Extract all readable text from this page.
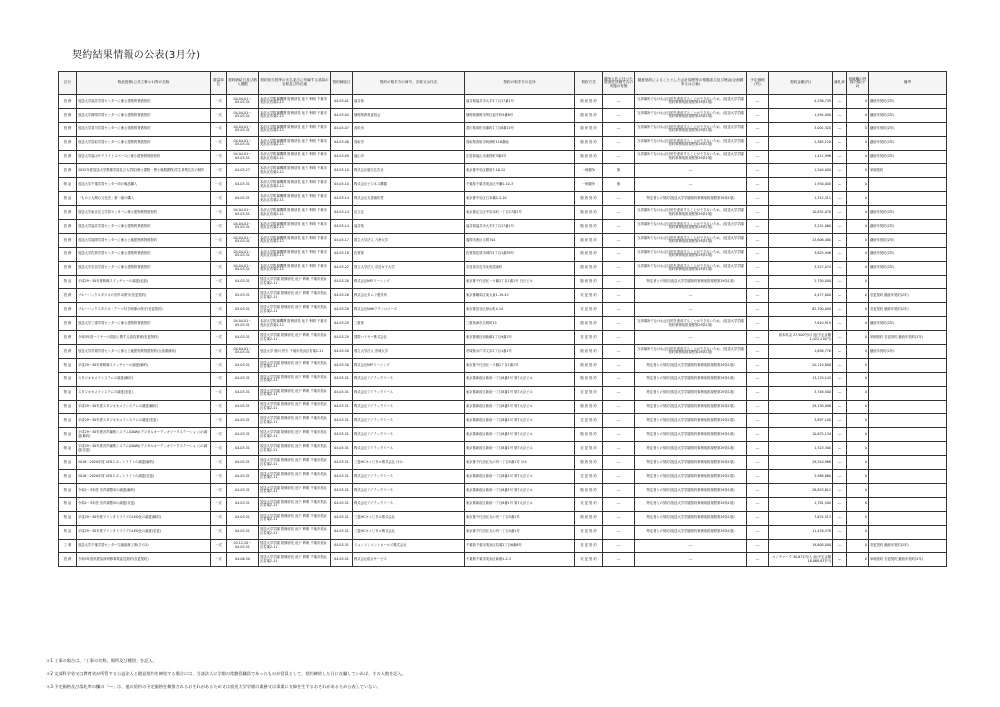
契約結果情報の公表(3月分)
区分	物品役務(公共工事＊1)等の名称	数量単位	契約締結日及び納入期限	契約担当役等の氏名並びに所属する部局の名称及び所在地	契約締結日	契約の相手方の商号、名称又は氏名	契約の相手方の住所	契約方式	競争入札に比べた経済性評価方式の実施の有無	随意契約によることとした会計規程等の根拠条文及び理由(企画競争又は公募)	予定価格(円)	契約金額(円)	落札率	再就職の役員の数(＊2)	備考
役 務	放送大学福井学習センターに係る建物賃貸借契約	一式	04.04.01〜05.03.31	本部大学附属機関 財務部長 池下 利明 千葉市美浜区若葉2-11	04.03.01	福井県	福井県福井市大手3丁目17番1号	随 意 契 約	―	当該場所でなければ目的を達成することができないため。(放送大学学園契約事務取扱規程第29条1項)	―	4,336,739	―	0	継続年契約(2年)
役 務	放送大学静岡学習センターに係る建物賃貸借契約	一式	04.04.01〜05.03.31	本部大学附属機関 財務部長 池下 利明 千葉市美浜区若葉2-11	04.03.04	静岡県教育委員会	静岡県静岡市葵区追手町9番6号	随 意 契 約	―	当該場所でなければ目的を達成することができないため。(放送大学学園契約事務取扱規程第29条1項)	―	1,594,000	―	0	継続年契約(2年)
役 務	放送大学香川学習センターに係る建物賃貸借契約	一式	04.04.01〜05.03.31	本部大学附属機関 財務部長 池下 利明 千葉市美浜区若葉2-11	04.03.07	高松市	香川県高松市番町1丁目8番15号	随 意 契 約	―	当該場所でなければ目的を達成することができないため。(放送大学学園契約事務取扱規程第29条1項)	―	3,001,320	―	0	継続年契約(2年)
役 務	放送大学鳥取学習センターに係る建物賃貸借契約	一式	04.04.01〜05.03.31	本部大学附属機関 財務部長 池下 利明 千葉市美浜区若葉2-11	04.03.08	鳥取市	鳥取県鳥取市尚徳町116番地	随 意 契 約	―	当該場所でなければ目的を達成することができないため。(放送大学学園契約事務取扱規程第29条1項)	―	2,365,120	―	0	継続年契約(2年)
役 務	放送大学福山サテライトスペースに係る建物賃貸借契約	一式	04.04.01〜05.03.31	本部大学附属機関 財務部長 池下 利明 千葉市美浜区若葉2-11	04.03.09	福山市	広島県福山市東桜町3番5号	随 意 契 約	―	当該場所でなければ目的を達成することができないため。(放送大学学園契約事務取扱規程第29条1項)	―	1,411,996	―	0	継続年契約(2年)
役 務	2022年度放送大学教養学部及び大学院(修士課程・博士後期課程)学生募集広告の制作	一式	04.03.27	本部大学附属機関 財務部長 池下 利明 千葉市美浜区若葉2-11	04.03.10	株式会社朝日広告社	東京都中央区銀座7-16-12	一般競争	無	―	―	1,540,000	―	0	単価契約
物 品	放送大学千葉学習センター用の備品購入	一式	04.03.31	本部大学附属機関 財務部長 池下 利明 千葉市美浜区若葉2-11	04.03.10	株式会社ビジネス機器	千葉県千葉市美浜区中瀬1-10-3	一般競争	無	―	―	1,930,000	―	0	
物 品	「ものと人間の文化史」第一級の購入	一式	04.03.31	本部大学附属機関 財務部長 池下 利明 千葉市美浜区若葉2-11	04.03.14	株式会社丸善雄松堂	東京都中央区日本橋2-3-10	随 意 契 約	―	特定者との契約(放送大学学園契約事務取扱規程第29条1項)	―	1,312,311	―	0	
役 務	放送大学東京足立学習センターに係る建物賃貸借契約	一式	04.04.01〜05.03.31	本部大学附属機関 財務部長 池下 利明 千葉市美浜区若葉2-11	04.03.14	足立区	東京都足立区中央本町一丁目17番1号	随 意 契 約	―	当該場所でなければ目的を達成することができないため。(放送大学学園契約事務取扱規程第29条1項)	―	10,832,078	―	0	継続年契約(2年)
役 務	放送大学福井学習センターに係る建物賃貸借契約	一式	04.04.01〜05.03.31	本部大学附属機関 財務部長 池下 利明 千葉市美浜区若葉2-11	04.03.14	福井県	福井県福井市大手3丁目17番1号	随 意 契 約	―	当該場所でなければ目的を達成することができないため。(放送大学学園契約事務取扱規程第29条1項)	―	3,251,060	―	0	継続年契約(2年)
役 務	放送大学福岡学習センターに係る土地建物賃貸借契約	一式	04.04.01〜05.03.31	本部大学附属機関 財務部長 池下 利明 千葉市美浜区若葉2-11	04.03.17	国立大学法人 九州大学	福岡市西区元岡744	随 意 契 約	―	当該場所でなければ目的を達成することができないため。(放送大学学園契約事務取扱規程第29条1項)	―	13,806,480	―	0	継続年契約(2年)
役 務	放送大学佐賀学習センターに係る建物賃貸借契約	一式	04.04.01〜05.03.31	本部大学附属機関 財務部長 池下 利明 千葉市美浜区若葉2-11	04.03.18	佐賀県	佐賀県佐賀市城内1丁目1番59号	随 意 契 約	―	当該場所でなければ目的を達成することができないため。(放送大学学園契約事務取扱規程第29条1項)	―	3,625,946	―	0	継続年契約(2年)
役 務	放送大学奈良学習センターに係る建物賃貸借契約	一式	04.04.01〜05.03.31	本部大学附属機関 財務部長 池下 利明 千葉市美浜区若葉2-11	04.03.22	国立大学法人 奈良女子大学	奈良県奈良市北魚屋東町	随 意 契 約	―	当該場所でなければ目的を達成することができないため。(放送大学学園契約事務取扱規程第29条1項)	―	3,527,074	―	0	継続年契約(2年)
物 品	平成29〜30年度映像スイッチャーの調達(追加)	一式	04.03.31	放送大学学園 財務部長 池下 利明 千葉市美浜区若葉2-11	04.03.28	株式会社NFFリーシング	東京都千代田区一ツ橋2丁目1番1号 白石ビル	随 意 契 約	―	特定者との契約(放送大学学園契約事務取扱規程第29条1項)	―	2,750,000	―	0	
役 務	ブルーバックスタジオの音声卓保守(変更契約)	一式	05.03.31	放送大学学園 財務部長 池下 利明 千葉市美浜区若葉2-11	04.03.28	株式会社タムラ製作所	東京都練馬区東大泉1-19-43	変 更 契 約	―	―	―	4,477,000	―	0	変更契約 継続年契約(2年)
役 務	ブルーバックスタジオ・テーマ付き映像の保守(変更契約)	一式	05.03.31	放送大学学園 財務部長 池下 利明 千葉市美浜区若葉2-11	04.03.28	株式会社NHKテクノロジーズ	東京都渋谷区神山町4-14	変 更 契 約	―	―	―	62,700,000	―	0	変更契約 継続年契約(2年)
役 務	放送大学三重学習センターに係る建物賃貸借契約	一式	04.04.01〜05.03.31	本部大学附属機関 財務部長 池下 利明 千葉市美浜区若葉2-11	04.03.29	三重県	三重県津市広明町13	随 意 契 約	―	当該場所でなければ目的を達成することができないため。(放送大学学園契約事務取扱規程第29条1項)	―	7,610,919	―	0	継続年契約(2年)
役 務	令和3年度ハイヤーの供給に関する請負業務(変更契約)	一式	04.03.31	放送大学学園 財務部長 池下 利明 千葉市美浜区若葉2-11	04.03.29	国際ハイヤー株式会社	東京都港区西新橋1丁目9番2号	変 更 契 約	―	―	―	基本料金 27,500円/月 他(予定金額 1,422,210円)	―	0	単価契約 変更契約 継続年契約(2年)
役 務	放送大学茨城学習センターに係る土地建物賃貸借契約(合意書締結)	一式	04.04.01〜05.03.31	放送大学 楠川 肝夫 千葉市美浜区若葉2-11	04.03.30	国立大学法人 茨城大学	茨城県水戸市文京2丁目1番1号	随 意 契 約	―	当該場所でなければ目的を達成することができないため。(放送大学学園契約事務取扱規程第29条1項)	―	1,658,776	―	0	継続年契約(2年)
物 品	平成29〜30年度映像スイッチャーの調達(解約)	一式	04.03.31	放送大学学園 財務部長 池下 利明 千葉市美浜区若葉2-11	04.03.30	株式会社NFFリーシング	東京都千代田区一ツ橋2丁目1番1号	随 意 契 約	―	特定者との契約(放送大学学園契約事務取扱規程第29条1項)	―	20,110,808	―	0	
物 品	スタジオカメラシステムの調達(解約)	一式	04.03.31	放送大学学園 財務部長 池下 利明 千葉市美浜区若葉2-11	04.03.31	株式会社アイテックリース	東京都新宿区新宿一丁目8番1号 第7大京ビル	随 意 契 約	―	特定者との契約(放送大学学園契約事務取扱規程第29条1項)	―	13,170,143	―	0	
物 品	スタジオカメラシステムの調達(変更)	一式	04.03.31	放送大学学園 財務部長 池下 利明 千葉市美浜区若葉2-11	04.03.31	株式会社アイテックリース	東京都新宿区新宿一丁目8番1号 第7大京ビル	変 更 契 約	―	特定者との契約(放送大学学園契約事務取扱規程第29条1項)	―	3,748,500	―	0	
物 品	平成29〜30年度スタジオカメラシステムの調達(解約)	一式	04.03.31	放送大学学園 財務部長 池下 利明 千葉市美浜区若葉2-11	04.03.31	株式会社アイテックリース	東京都新宿区新宿一丁目8番1号 第7大京ビル	随 意 契 約	―	特定者との契約(放送大学学園契約事務取扱規程第29条1項)	―	29,130,908	―	0	
物 品	平成29〜30年度スタジオカメラシステムの調達(変更)	一式	04.03.31	放送大学学園 財務部長 池下 利明 千葉市美浜区若葉2-11	04.03.31	株式会社アイテックリース	東京都新宿区新宿一丁目8番1号 第7大京ビル	変 更 契 約	―	特定者との契約(放送大学学園契約事務取扱規程第29条1項)	―	3,897,100	―	0	
物 品	平成29〜30年度音声編集システム(DAW)(デジタルオーディオワークステーション)の調達(解約)	一式	04.03.31	放送大学学園 財務部長 池下 利明 千葉市美浜区若葉2-11	04.03.31	株式会社アイテックリース	東京都新宿区新宿一丁目8番1号 第7大京ビル	随 意 契 約	―	特定者との契約(放送大学学園契約事務取扱規程第29条1項)	―	10,675,134	―	0	
物 品	平成29〜30年度音声編集システム(DAW)(デジタルオーディオワークステーション)の調達(変更)	一式	04.03.31	放送大学学園 財務部長 池下 利明 千葉市美浜区若葉2-11	04.03.31	株式会社アイテックリース	東京都新宿区新宿一丁目8番1号 第7大京ビル	変 更 契 約	―	特定者との契約(放送大学学園契約事務取扱規程第29条1項)	―	1,323,300	―	0	
物 品	2018〜2020年度 LEDスポットライトの調達(解約)	一式	04.03.31	放送大学学園 財務部長 池下 利明 千葉市美浜区若葉2-11	04.03.31	三菱HCキャピタル株式会社 ほか	東京都千代田区丸の内一丁目5番1号 ほか	随 意 契 約	―	特定者との契約(放送大学学園契約事務取扱規程第29条1項)	―	29,510,968	―	0	
物 品	2018〜2020年度 LEDスポットライトの調達(変更)	一式	04.03.31	放送大学学園 財務部長 池下 利明 千葉市美浜区若葉2-11	04.03.31	株式会社アイテックリース	東京都新宿区新宿一丁目8番1号 第7大京ビル	変 更 契 約	―	特定者との契約(放送大学学園契約事務取扱規程第29条1項)	―	2,988,860	―	0	
物 品	令和2〜3年度 音声調整卓の調達(解約)	一式	04.03.31	放送大学学園 財務部長 池下 利明 千葉市美浜区若葉2-11	04.03.31	株式会社アイテックリース	東京都新宿区新宿一丁目8番1号 第7大京ビル	随 意 契 約	―	特定者との契約(放送大学学園契約事務取扱規程第29条1項)	―	28,853,812	―	0	
物 品	令和2〜3年度 音声調整卓の調達(変更)	一式	04.03.31	放送大学学園 財務部長 池下 利明 千葉市美浜区若葉2-11	04.03.31	株式会社アイテックリース	東京都新宿区新宿一丁目8番1号 第7大京ビル	変 更 契 約	―	特定者との契約(放送大学学園契約事務取扱規程第29条1項)	―	1,781,500	―	0	
物 品	平成29〜30年度プリンタドライブのLED化の調達(解約)	一式	04.03.31	放送大学学園 財務部長 池下 利明 千葉市美浜区若葉2-11	04.03.31	三菱HCキャピタル株式会社	東京都千代田区丸の内一丁目5番1号	随 意 契 約	―	特定者との契約(放送大学学園契約事務取扱規程第29条1項)	―	7,674,513	―	0	
物 品	平成29〜30年度プリンタドライブのLED化の調達(変更)	一式	04.03.31	放送大学学園 財務部長 池下 利明 千葉市美浜区若葉2-11	04.03.31	三菱HCキャピタル株式会社	東京都千代田区丸の内一丁目5番1号	変 更 契 約	―	特定者との契約(放送大学学園契約事務取扱規程第29条1項)	―	11,476,578	―	0	
工 事	放送大学千葉学習センター空調改修工事(その2)	一式	03.12.20〜04.03.31	放送大学学園 財務部長 池下 利明 千葉市美浜区若葉2-11	04.03.31	ジョンソンコントロールズ株式会社	千葉県千葉市美浜区若葉2丁目6番6号	変 更 契 約	―	―	―	19,800,000	―	0	変更契約 継続年契約(2年)
役 務	令和3年度高度負荷研修事業委託契約(変更契約)	一式	04.06.30	放送大学学園 財務部長 池下 利明 千葉市美浜区若葉2-11	04.03.31	株式会社総合サービス	千葉県千葉市美浜区新港1-2-3	変 更 契 約	―	―	―	ベンチマーク 30,871円/人 他(予定金額 16,869,837円)	―	0	単価契約 変更契約 継続年契約(2年)
＊1 工事の場合は、「工事の名称、場所及び種別」を記入。
＊2 文部科学省又は教育省が所管する公益法人と随意契約を締結する場合には、当該法人に学園の常勤役職員であったものが役員として、契約締結した日に在職していれば、その人数を記入。
＊3 予定価格及び落札率の欄の「―」は、他の契約の予定価格を類推されるおそれがあるため又は放送大学学園の業務又は事業に支障を生ずるおそれがあるため公表していない。
